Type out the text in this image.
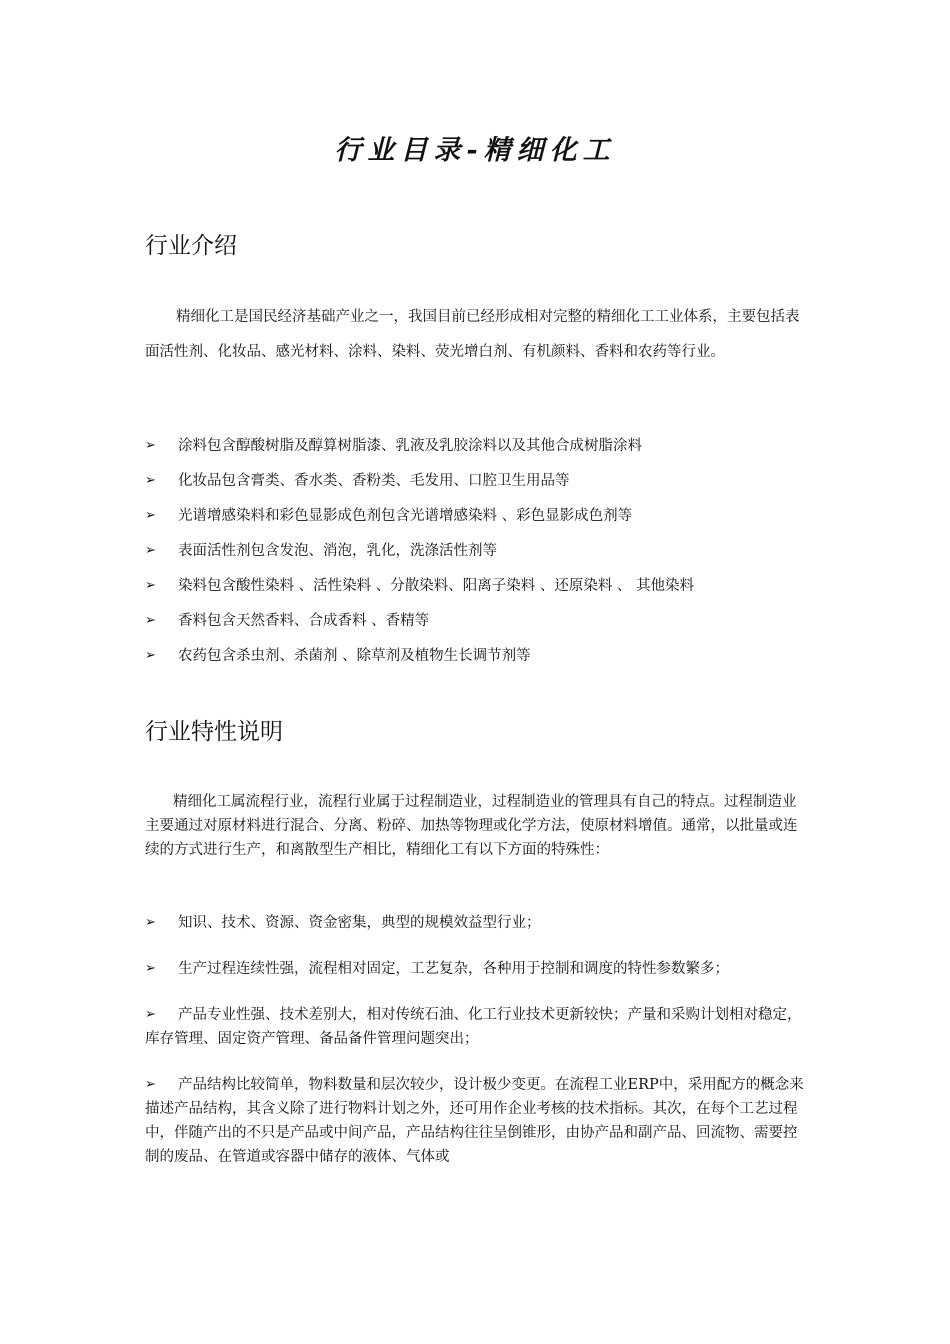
行业目录-精细化工
行业介绍

精细化工是国民经济基础产业之一，我国目前已经形成相对完整的精细化工工业体系，主要包括表面活性剂、化妆品、感光材料、涂料、染料、荧光增白剂、有机颜料、香料和农药等行业。

➢ 涂料包含醇酸树脂及醇算树脂漆、乳液及乳胶涂料以及其他合成树脂涂料
➢ 化妆品包含膏类、香水类、香粉类、毛发用、口腔卫生用品等
➢ 光谱增感染料和彩色显影成色剂包含光谱增感染料 、彩色显影成色剂等
➢ 表面活性剂包含发泡、消泡，乳化，洗涤活性剂等
➢ 染料包含酸性染料 、活性染料 、分散染料、阳离子染料 、还原染料 、 其他染料
➢ 香料包含天然香料、合成香料 、香精等
➢ 农药包含杀虫剂、杀菌剂 、除草剂及植物生长调节剂等
行业特性说明

精细化工属流程行业，流程行业属于过程制造业，过程制造业的管理具有自己的特点。过程制造业主要通过对原材料进行混合、分离、粉碎、加热等物理或化学方法，使原材料增值。通常，以批量或连续的方式进行生产，和离散型生产相比，精细化工有以下方面的特殊性：

➢ 知识、技术、资源、资金密集，典型的规模效益型行业；
➢ 生产过程连续性强，流程相对固定，工艺复杂，各种用于控制和调度的特性参数繁多；
➢ 产品专业性强、技术差别大，相对传统石油、化工行业技术更新较快；产量和采购计划相对稳定，库存管理、固定资产管理、备品备件管理问题突出；
➢ 产品结构比较简单，物料数量和层次较少，设计极少变更。在流程工业ERP中，采用配方的概念来描述产品结构，其含义除了进行物料计划之外，还可用作企业考核的技术指标。其次，在每个工艺过程中，伴随产出的不只是产品或中间产品，产品结构往往呈倒锥形，由协产品和副产品、回流物、需要控制的废品、在管道或容器中储存的液体、气体或
